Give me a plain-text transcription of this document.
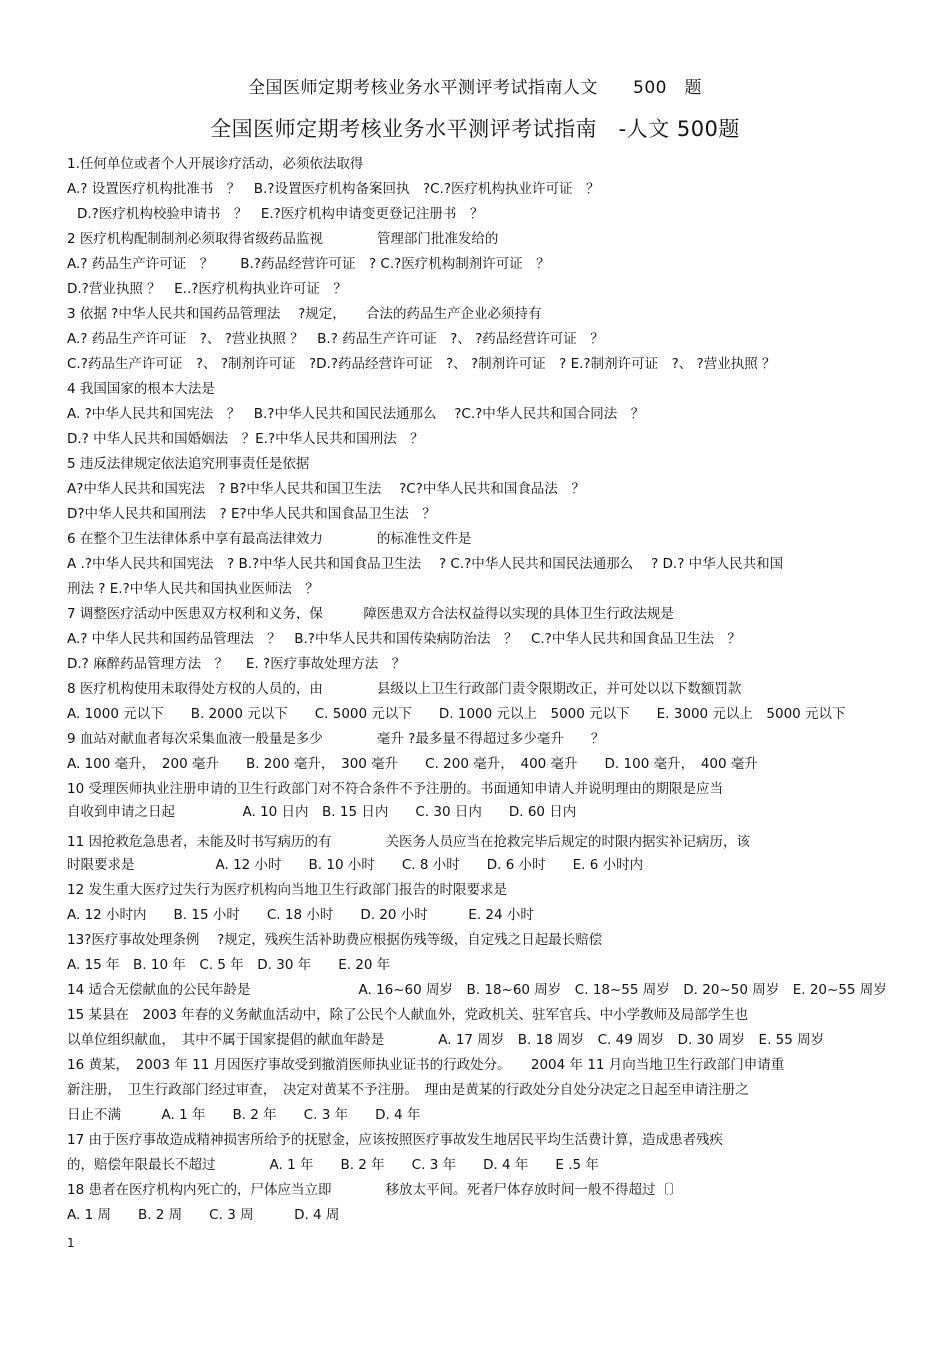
全国医师定期考核业务水平测评考试指南人文　　500　题
全国医师定期考核业务水平测评考试指南　-人文 500题
1.任何单位或者个人开展诊疗活动，必须依法取得
A.? 设置医疗机构批准书　？　B.?设置医疗机构备案回执　?C.?医疗机构执业许可证　？
D.?医疗机构校验申请书　？　E.?医疗机构申请变更登记注册书　？
2 医疗机构配制制剂必须取得省级药品监视　　　　管理部门批准发给的
A.? 药品生产许可证　？　　B.?药品经营许可证　? C.?医疗机构制剂许可证　？
D.?营业执照 ？　E..?医疗机构执业许可证　？
3 依据 ?中华人民共和国药品管理法　 ?规定，　　合法的药品生产企业必须持有
A.? 药品生产许可证　?、 ?营业执照 ？　B.? 药品生产许可证　?、 ?药品经营许可证　？
C.?药品生产许可证　?、 ?制剂许可证　?D.?药品经营许可证　?、 ?制剂许可证　? E.?制剂许可证　?、 ?营业执照 ？
4 我国国家的根本大法是
A. ?中华人民共和国宪法　？　B.?中华人民共和国民法通那么　 ?C.?中华人民共和国合同法　？
D.? 中华人民共和国婚姻法　？E.?中华人民共和国刑法　？
5 违反法律规定依法追究刑事责任是依据
A?中华人民共和国宪法　? B?中华人民共和国卫生法　 ?C?中华人民共和国食品法　？
D?中华人民共和国刑法　? E?中华人民共和国食品卫生法　？
6 在整个卫生法律体系中享有最高法律效力　　　　的标准性文件是
A .?中华人民共和国宪法　? B.?中华人民共和国食品卫生法　 ? C.?中华人民共和国民法通那么　 ? D.? 中华人民共和国
刑法 ? E.?中华人民共和国执业医师法　？
7 调整医疗活动中医患双方权利和义务，保　　　障医患双方合法权益得以实现的具体卫生行政法规是
A.? 中华人民共和国药品管理法　？　B.?中华人民共和国传染病防治法　？　C.?中华人民共和国食品卫生法　？
D.? 麻醉药品管理方法　？　 E. ?医疗事故处理方法　？
8 医疗机构使用未取得处方权的人员的，由　　　　县级以上卫生行政部门责令限期改正，并可处以以下数额罚款
A. 1000 元以下　　B. 2000 元以下　　C. 5000 元以下　　D. 1000 元以上　5000 元以下　　E. 3000 元以上　5000 元以下
9 血站对献血者每次采集血液一般量是多少　　　　毫升 ?最多量不得超过多少毫升　　？
A. 100 毫升，　200 毫升　　B. 200 毫升，　300 毫升　　C. 200 毫升，　400 毫升　　D. 100 毫升，　400 毫升
10 受理医师执业注册申请的卫生行政部门对不符合条件不予注册的。书面通知申请人并说明理由的期限是应当
自收到申请之日起　　　　　A. 10 日内　B. 15 日内　　C. 30 日内　　D. 60 日内
11 因抢救危急患者，未能及时书写病历的有　　　　关医务人员应当在抢救完毕后规定的时限内据实补记病历，该
时限要求是　　　　　　A. 12 小时　　B. 10 小时　　C. 8 小时　　D. 6 小时　　E. 6 小时内
12 发生重大医疗过失行为医疗机构向当地卫生行政部门报告的时限要求是
A. 12 小时内　　B. 15 小时　　C. 18 小时　　D. 20 小时　　　E. 24 小时
13?医疗事故处理条例　 ?规定，残疾生活补助费应根据伤残等级，自定残之日起最长赔偿
A. 15 年　B. 10 年　C. 5 年　D. 30 年　　E. 20 年
14 适合无偿献血的公民年龄是　　　　　　　　A. 16~60 周岁　B. 18~60 周岁　C. 18~55 周岁　D. 20~50 周岁　E. 20~55 周岁
15 某县在　2003 年春的义务献血活动中，除了公民个人献血外，党政机关、驻军官兵、中小学教师及局部学生也
以单位组织献血，　其中不属于国家提倡的献血年龄是　　　　A. 17 周岁　B. 18 周岁　C. 49 周岁　D. 30 周岁　E. 55 周岁
16 黄某，　2003 年 11 月因医疗事故受到撤消医师执业证书的行政处分。　　2004 年 11 月向当地卫生行政部门申请重
新注册，　卫生行政部门经过审查，　决定对黄某不予注册。　理由是黄某的行政处分自处分决定之日起至申请注册之
日止不满　　　A. 1 年　　B. 2 年　　C. 3 年　　D. 4 年
17 由于医疗事故造成精神损害所给予的抚慰金，应该按照医疗事故发生地居民平均生活费计算，造成患者残疾
的，赔偿年限最长不超过　　　　A. 1 年　　B. 2 年　　C. 3 年　　D. 4 年　　E .5 年
18 患者在医疗机构内死亡的，尸体应当立即　　　　移放太平间。死者尸体存放时间一般不得超过〔〕
A. 1 周　　B. 2 周　　C. 3 周　　　D. 4 周
1
